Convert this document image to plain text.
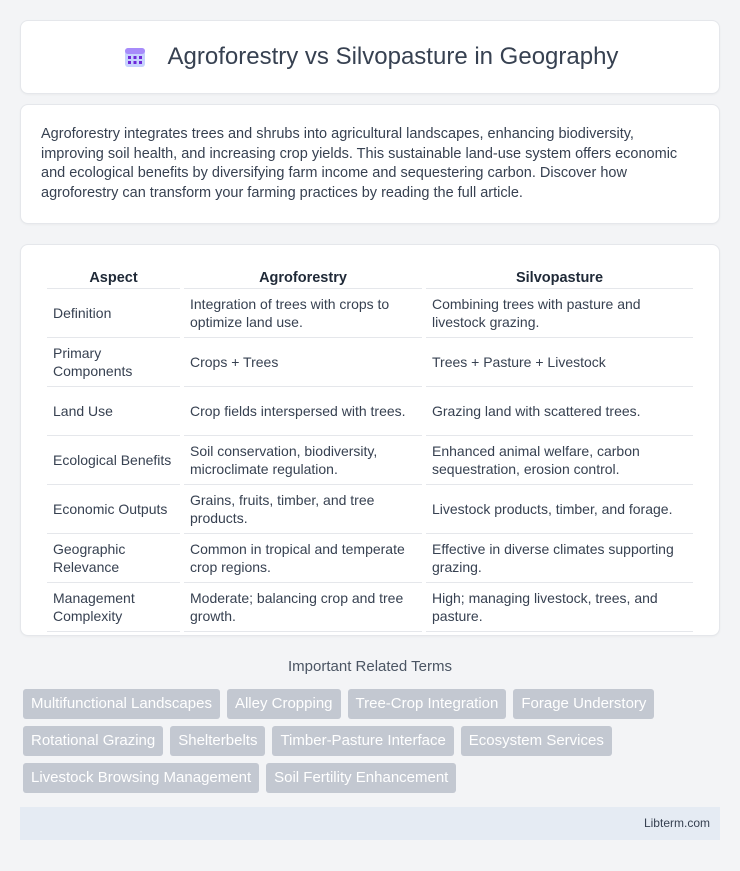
Agroforestry vs Silvopasture in Geography

Agroforestry integrates trees and shrubs into agricultural landscapes, enhancing biodiversity, improving soil health, and increasing crop yields. This sustainable land-use system offers economic and ecological benefits by diversifying farm income and sequestering carbon. Discover how agroforestry can transform your farming practices by reading the full article.

Aspect	Agroforestry	Silvopasture
Definition	Integration of trees with crops to optimize land use.	Combining trees with pasture and livestock grazing.
Primary Components	Crops + Trees	Trees + Pasture + Livestock
Land Use	Crop fields interspersed with trees.	Grazing land with scattered trees.
Ecological Benefits	Soil conservation, biodiversity, microclimate regulation.	Enhanced animal welfare, carbon sequestration, erosion control.
Economic Outputs	Grains, fruits, timber, and tree products.	Livestock products, timber, and forage.
Geographic Relevance	Common in tropical and temperate crop regions.	Effective in diverse climates supporting grazing.
Management Complexity	Moderate; balancing crop and tree growth.	High; managing livestock, trees, and pasture.
Important Related Terms
Multifunctional Landscapes	Alley Cropping	Tree-Crop Integration	Forage Understory
Rotational Grazing	Shelterbelts	Timber-Pasture Interface	Ecosystem Services
Livestock Browsing Management	Soil Fertility Enhancement
Libterm.com
